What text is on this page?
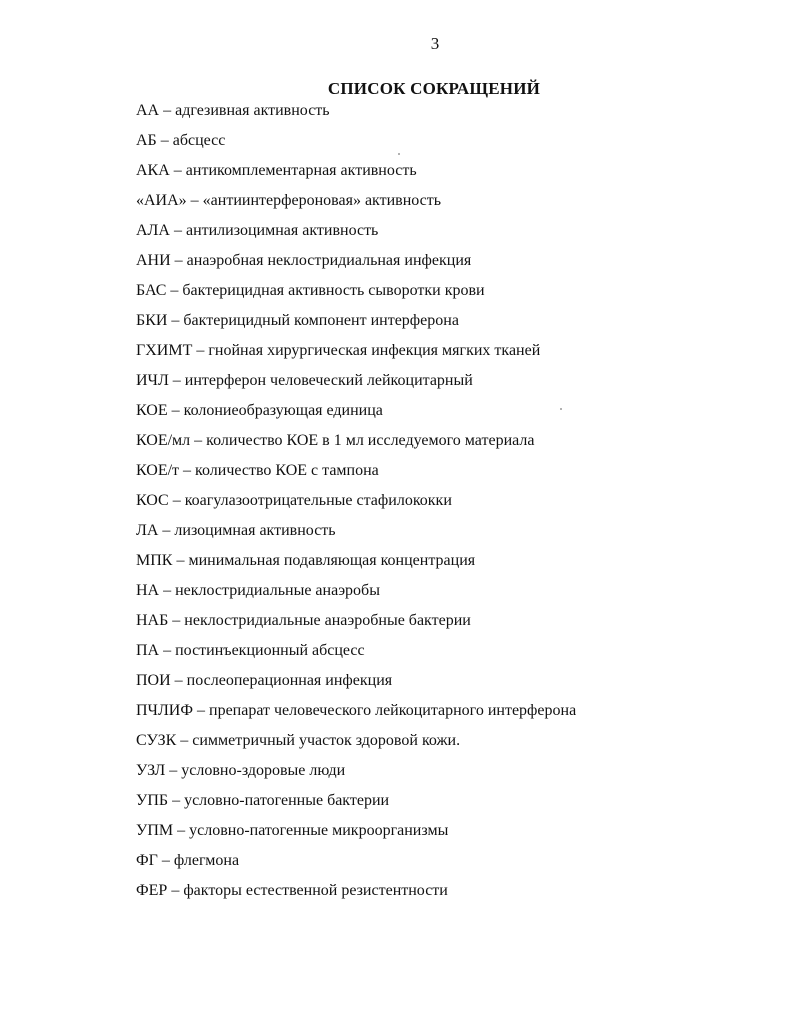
3
СПИСОК СОКРАЩЕНИЙ
АА – адгезивная активность
АБ – абсцесс
АКА – антикомплементарная активность
«АИА» – «антиинтерфероновая» активность
АЛА – антилизоцимная активность
АНИ – анаэробная неклостридиальная инфекция
БАС – бактерицидная активность сыворотки крови
БКИ – бактерицидный компонент интерферона
ГХИМТ – гнойная хирургическая инфекция мягких тканей
ИЧЛ – интерферон человеческий лейкоцитарный
КОЕ – колониеобразующая единица
КОЕ/мл – количество КОЕ в 1 мл исследуемого материала
КОЕ/т – количество КОЕ с тампона
КОС – коагулазоотрицательные стафилококки
ЛА – лизоцимная активность
МПК – минимальная подавляющая концентрация
НА – неклостридиальные анаэробы
НАБ – неклостридиальные анаэробные бактерии
ПА – постинъекционный абсцесс
ПОИ – послеоперационная инфекция
ПЧЛИФ – препарат человеческого лейкоцитарного интерферона
СУЗК – симметричный участок здоровой кожи.
УЗЛ – условно-здоровые люди
УПБ – условно-патогенные бактерии
УПМ – условно-патогенные микроорганизмы
ФГ – флегмона
ФЕР – факторы естественной резистентности
